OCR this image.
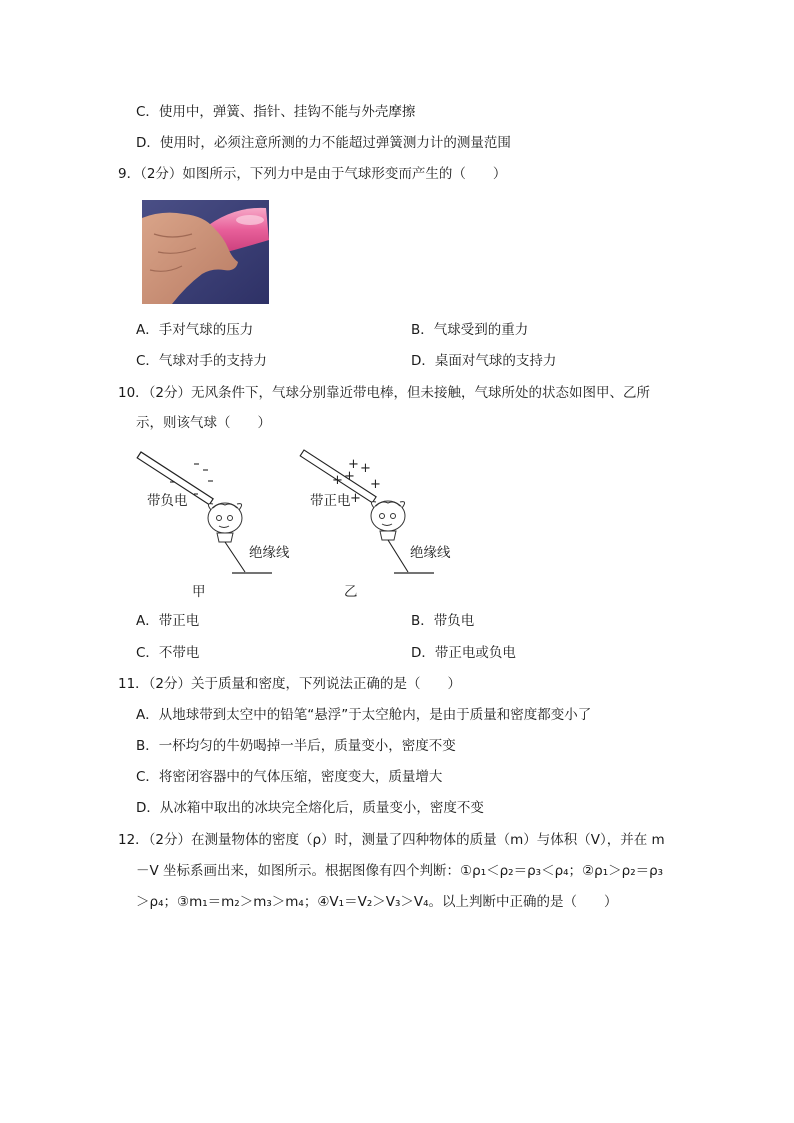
C．使用中，弹簧、指针、挂钩不能与外壳摩擦
D．使用时，必须注意所测的力不能超过弹簧测力计的测量范围
9．（2分）如图所示，下列力中是由于气球形变而产生的（　　）
A．手对气球的压力	B．气球受到的重力
C．气球对手的支持力	D．桌面对气球的支持力
10．（2分）无风条件下，气球分别靠近带电棒，但未接触，气球所处的状态如图甲、乙所
示，则该气球（　　）
带负电
绝缘线
甲
+ +
+
+ +
+
带正电
绝缘线
乙
A．带正电	B．带负电
C．不带电	D．带正电或负电
11．（2分）关于质量和密度，下列说法正确的是（　　）
A．从地球带到太空中的铅笔“悬浮”于太空舱内，是由于质量和密度都变小了
B．一杯均匀的牛奶喝掉一半后，质量变小，密度不变
C．将密闭容器中的气体压缩，密度变大，质量增大
D．从冰箱中取出的冰块完全熔化后，质量变小，密度不变
12．（2分）在测量物体的密度（ρ）时，测量了四种物体的质量（m）与体积（V），并在 m
－V 坐标系画出来，如图所示。根据图像有四个判断：①ρ₁＜ρ₂＝ρ₃＜ρ₄；②ρ₁＞ρ₂＝ρ₃
＞ρ₄；③m₁＝m₂＞m₃＞m₄；④V₁＝V₂＞V₃＞V₄。以上判断中正确的是（　　）
